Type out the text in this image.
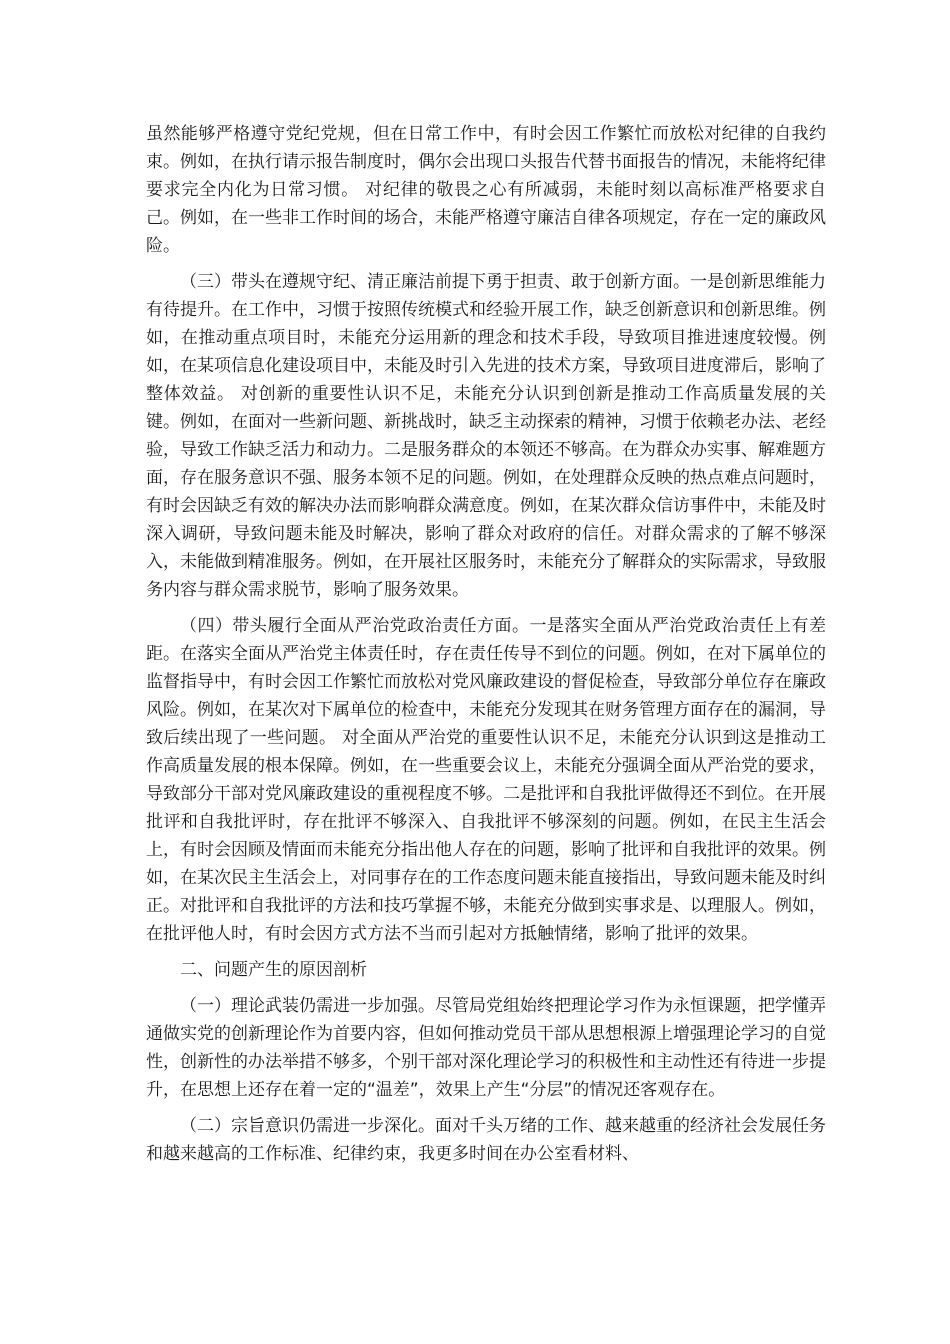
虽然能够严格遵守党纪党规，但在日常工作中，有时会因工作繁忙而放松对纪律的自我约束。例如，在执行请示报告制度时，偶尔会出现口头报告代替书面报告的情况，未能将纪律要求完全内化为日常习惯。 对纪律的敬畏之心有所减弱，未能时刻以高标准严格要求自己。例如，在一些非工作时间的场合，未能严格遵守廉洁自律各项规定，存在一定的廉政风险。

（三）带头在遵规守纪、清正廉洁前提下勇于担责、敢于创新方面。一是创新思维能力有待提升。在工作中，习惯于按照传统模式和经验开展工作，缺乏创新意识和创新思维。例如，在推动重点项目时，未能充分运用新的理念和技术手段，导致项目推进速度较慢。例如，在某项信息化建设项目中，未能及时引入先进的技术方案，导致项目进度滞后，影响了整体效益。 对创新的重要性认识不足，未能充分认识到创新是推动工作高质量发展的关键。例如，在面对一些新问题、新挑战时，缺乏主动探索的精神，习惯于依赖老办法、老经验，导致工作缺乏活力和动力。二是服务群众的本领还不够高。在为群众办实事、解难题方面，存在服务意识不强、服务本领不足的问题。例如，在处理群众反映的热点难点问题时，有时会因缺乏有效的解决办法而影响群众满意度。例如，在某次群众信访事件中，未能及时深入调研，导致问题未能及时解决，影响了群众对政府的信任。对群众需求的了解不够深入，未能做到精准服务。例如，在开展社区服务时，未能充分了解群众的实际需求，导致服务内容与群众需求脱节，影响了服务效果。

（四）带头履行全面从严治党政治责任方面。一是落实全面从严治党政治责任上有差距。在落实全面从严治党主体责任时，存在责任传导不到位的问题。例如，在对下属单位的监督指导中，有时会因工作繁忙而放松对党风廉政建设的督促检查，导致部分单位存在廉政风险。例如，在某次对下属单位的检查中，未能充分发现其在财务管理方面存在的漏洞，导致后续出现了一些问题。 对全面从严治党的重要性认识不足，未能充分认识到这是推动工作高质量发展的根本保障。例如，在一些重要会议上，未能充分强调全面从严治党的要求，导致部分干部对党风廉政建设的重视程度不够。二是批评和自我批评做得还不到位。在开展批评和自我批评时，存在批评不够深入、自我批评不够深刻的问题。例如，在民主生活会上，有时会因顾及情面而未能充分指出他人存在的问题，影响了批评和自我批评的效果。例如，在某次民主生活会上，对同事存在的工作态度问题未能直接指出，导致问题未能及时纠正。对批评和自我批评的方法和技巧掌握不够，未能充分做到实事求是、以理服人。例如，在批评他人时，有时会因方式方法不当而引起对方抵触情绪，影响了批评的效果。

二、问题产生的原因剖析

（一）理论武装仍需进一步加强。尽管局党组始终把理论学习作为永恒课题，把学懂弄通做实党的创新理论作为首要内容，但如何推动党员干部从思想根源上增强理论学习的自觉性，创新性的办法举措不够多，个别干部对深化理论学习的积极性和主动性还有待进一步提升，在思想上还存在着一定的“温差”，效果上产生“分层”的情况还客观存在。

（二）宗旨意识仍需进一步深化。面对千头万绪的工作、越来越重的经济社会发展任务和越来越高的工作标准、纪律约束，我更多时间在办公室看材料、
